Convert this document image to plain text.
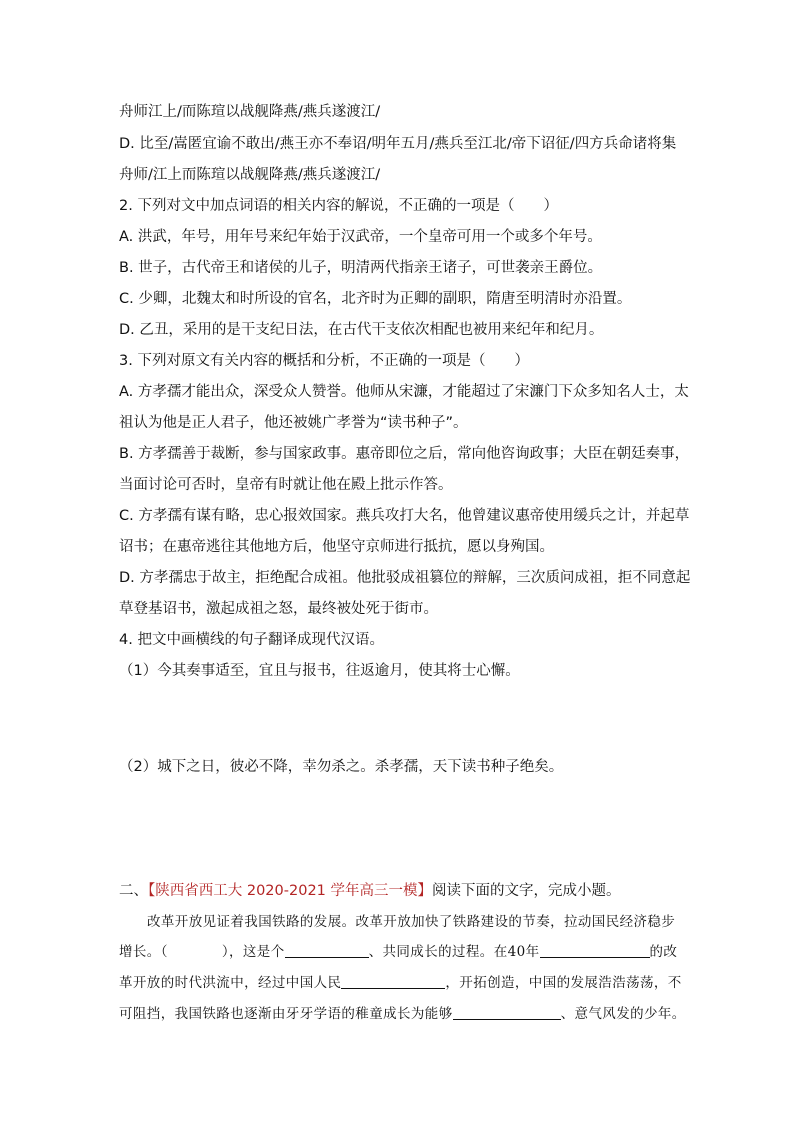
舟师江上/而陈瑄以战舰降燕/燕兵遂渡江/
D. 比至/嵩匿宜谕不敢出/燕王亦不奉诏/明年五月/燕兵至江北/帝下诏征/四方兵命诸将集
舟师/江上而陈瑄以战舰降燕/燕兵遂渡江/
2. 下列对文中加点词语的相关内容的解说，不正确的一项是（　　）
A. 洪武，年号，用年号来纪年始于汉武帝，一个皇帝可用一个或多个年号。
B. 世子，古代帝王和诸侯的儿子，明清两代指亲王诸子，可世袭亲王爵位。
C. 少卿，北魏太和时所设的官名，北齐时为正卿的副职，隋唐至明清时亦沿置。
D. 乙丑，采用的是干支纪日法，在古代干支依次相配也被用来纪年和纪月。
3. 下列对原文有关内容的概括和分析，不正确的一项是（　　）
A. 方孝孺才能出众，深受众人赞誉。他师从宋濂，才能超过了宋濂门下众多知名人士，太
祖认为他是正人君子，他还被姚广孝誉为“读书种子”。
B. 方孝孺善于裁断，参与国家政事。惠帝即位之后，常向他咨询政事；大臣在朝廷奏事，
当面讨论可否时，皇帝有时就让他在殿上批示作答。
C. 方孝孺有谋有略，忠心报效国家。燕兵攻打大名，他曾建议惠帝使用缓兵之计，并起草
诏书；在惠帝逃往其他地方后，他坚守京师进行抵抗，愿以身殉国。
D. 方孝孺忠于故主，拒绝配合成祖。他批驳成祖篡位的辩解，三次质问成祖，拒不同意起
草登基诏书，激起成祖之怒，最终被处死于街市。
4. 把文中画横线的句子翻译成现代汉语。
（1）今其奏事适至，宜且与报书，往返逾月，使其将士心懈。
（2）城下之日，彼必不降，幸勿杀之。杀孝孺，天下读书种子绝矣。
二、【陕西省西工大 2020-2021 学年高三一模】阅读下面的文字，完成小题。
改革开放见证着我国铁路的发展。改革开放加快了铁路建设的节奏，拉动国民经济稳步
增长。（	），这是个	、共同成长的过程。在40年	的改
革开放的时代洪流中，经过中国人民	，开拓创造，中国的发展浩浩荡荡，不
可阻挡，我国铁路也逐渐由牙牙学语的稚童成长为能够	、意气风发的少年。
